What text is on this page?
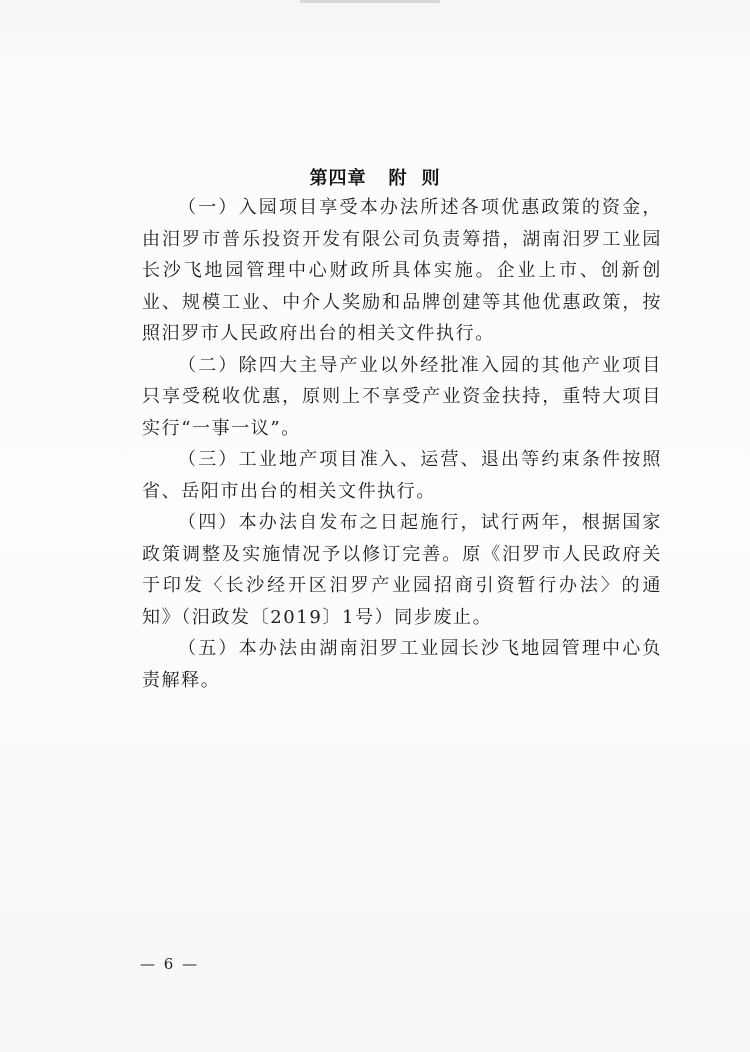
第四章 附 则

（一）入园项目享受本办法所述各项优惠政策的资金，由汨罗市普乐投资开发有限公司负责筹措，湖南汨罗工业园长沙飞地园管理中心财政所具体实施。企业上市、创新创业、规模工业、中介人奖励和品牌创建等其他优惠政策，按照汨罗市人民政府出台的相关文件执行。

（二）除四大主导产业以外经批准入园的其他产业项目只享受税收优惠，原则上不享受产业资金扶持，重特大项目实行“一事一议”。

（三）工业地产项目准入、运营、退出等约束条件按照省、岳阳市出台的相关文件执行。

（四）本办法自发布之日起施行，试行两年，根据国家政策调整及实施情况予以修订完善。原《汨罗市人民政府关于印发〈长沙经开区汨罗产业园招商引资暂行办法〉的通知》（汨政发〔2019〕1号）同步废止。

（五）本办法由湖南汨罗工业园长沙飞地园管理中心负责解释。

— 6 —
